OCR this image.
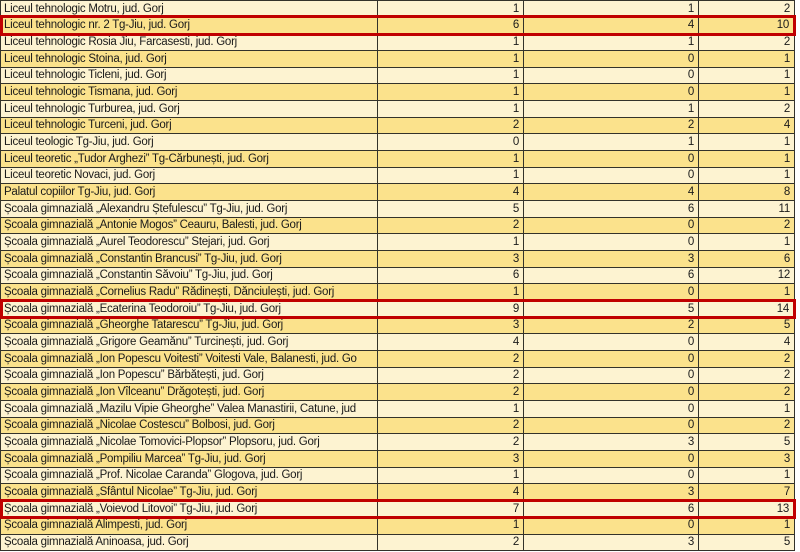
Liceul tehnologic Motru, jud. Gorj	1	1	2
Liceul tehnologic nr. 2 Tg-Jiu, jud. Gorj	6	4	10
Liceul tehnologic Rosia Jiu, Farcasesti, jud. Gorj	1	1	2
Liceul tehnologic Stoina, jud. Gorj	1	0	1
Liceul tehnologic Ticleni, jud. Gorj	1	0	1
Liceul tehnologic Tismana, jud. Gorj	1	0	1
Liceul tehnologic Turburea, jud. Gorj	1	1	2
Liceul tehnologic Turceni, jud. Gorj	2	2	4
Liceul teologic Tg-Jiu, jud. Gorj	0	1	1
Liceul teoretic „Tudor Arghezi” Tg-Cărbunești, jud. Gorj	1	0	1
Liceul teoretic Novaci, jud. Gorj	1	0	1
Palatul copiilor Tg-Jiu, jud. Gorj	4	4	8
Școala gimnazială „Alexandru Ștefulescu” Tg-Jiu, jud. Gorj	5	6	11
Școala gimnazială „Antonie Mogos” Ceauru, Balesti, jud. Gorj	2	0	2
Școala gimnazială „Aurel Teodorescu” Stejari, jud. Gorj	1	0	1
Școala gimnazială „Constantin Brancusi” Tg-Jiu, jud. Gorj	3	3	6
Școala gimnazială „Constantin Săvoiu” Tg-Jiu, jud. Gorj	6	6	12
Școala gimnazială „Cornelius Radu” Rădinești, Dănciulești, jud. Gorj	1	0	1
Școala gimnazială „Ecaterina Teodoroiu” Tg-Jiu, jud. Gorj	9	5	14
Școala gimnazială „Gheorghe Tatarescu” Tg-Jiu, jud. Gorj	3	2	5
Școala gimnazială „Grigore Geamănu” Turcinești, jud. Gorj	4	0	4
Școala gimnazială „Ion Popescu Voitesti” Voitesti Vale, Balanesti, jud. Go	2	0	2
Școala gimnazială „Ion Popescu” Bărbătești, jud. Gorj	2	0	2
Școala gimnazială „Ion Vîlceanu” Drăgotești, jud. Gorj	2	0	2
Școala gimnazială „Mazilu Vipie Gheorghe” Valea Manastirii, Catune, jud	1	0	1
Școala gimnazială „Nicolae Costescu” Bolbosi, jud. Gorj	2	0	2
Școala gimnazială „Nicolae Tomovici-Plopsor” Plopsoru, jud. Gorj	2	3	5
Școala gimnazială „Pompiliu Marcea” Tg-Jiu, jud. Gorj	3	0	3
Școala gimnazială „Prof. Nicolae Caranda” Glogova, jud. Gorj	1	0	1
Școala gimnazială „Sfântul Nicolae” Tg-Jiu, jud. Gorj	4	3	7
Școala gimnazială „Voievod Litovoi” Tg-Jiu, jud. Gorj	7	6	13
Școala gimnazială Alimpesti, jud. Gorj	1	0	1
Școala gimnazială Aninoasa, jud. Gorj	2	3	5
